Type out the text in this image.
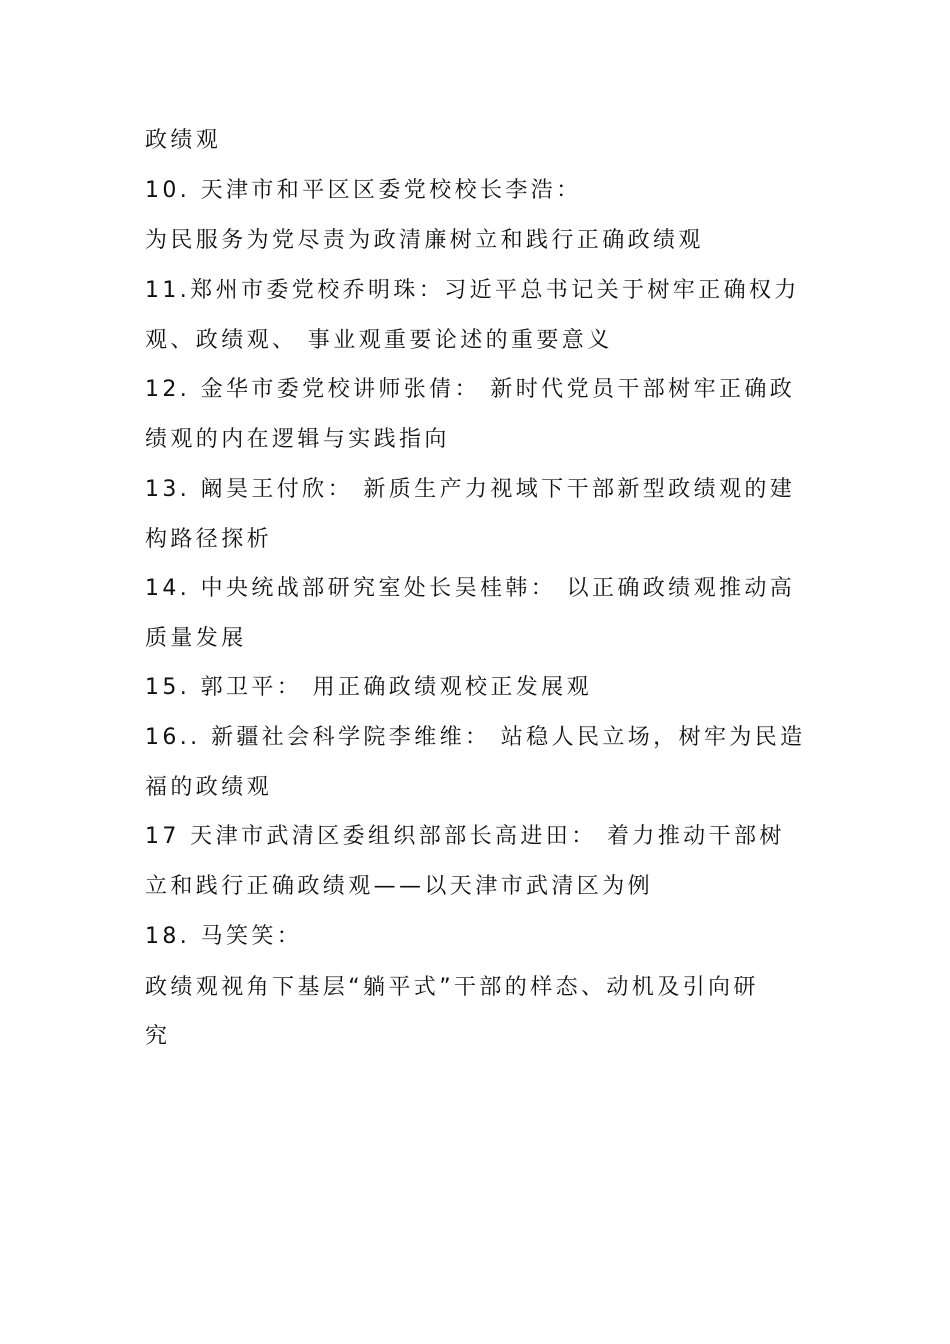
政绩观
10. 天津市和平区区委党校校长李浩：
为民服务为党尽责为政清廉树立和践行正确政绩观
11.郑州市委党校乔明珠：习近平总书记关于树牢正确权力
观、政绩观、 事业观重要论述的重要意义
12. 金华市委党校讲师张倩： 新时代党员干部树牢正确政
绩观的内在逻辑与实践指向
13. 阚昊王付欣： 新质生产力视域下干部新型政绩观的建
构路径探析
14. 中央统战部研究室处长吴桂韩： 以正确政绩观推动高
质量发展
15. 郭卫平： 用正确政绩观校正发展观
16.. 新疆社会科学院李维维： 站稳人民立场，树牢为民造
福的政绩观
17 天津市武清区委组织部部长高进田： 着力推动干部树
立和践行正确政绩观——以天津市武清区为例
18. 马笑笑：
政绩观视角下基层“躺平式”干部的样态、动机及引向研
究
